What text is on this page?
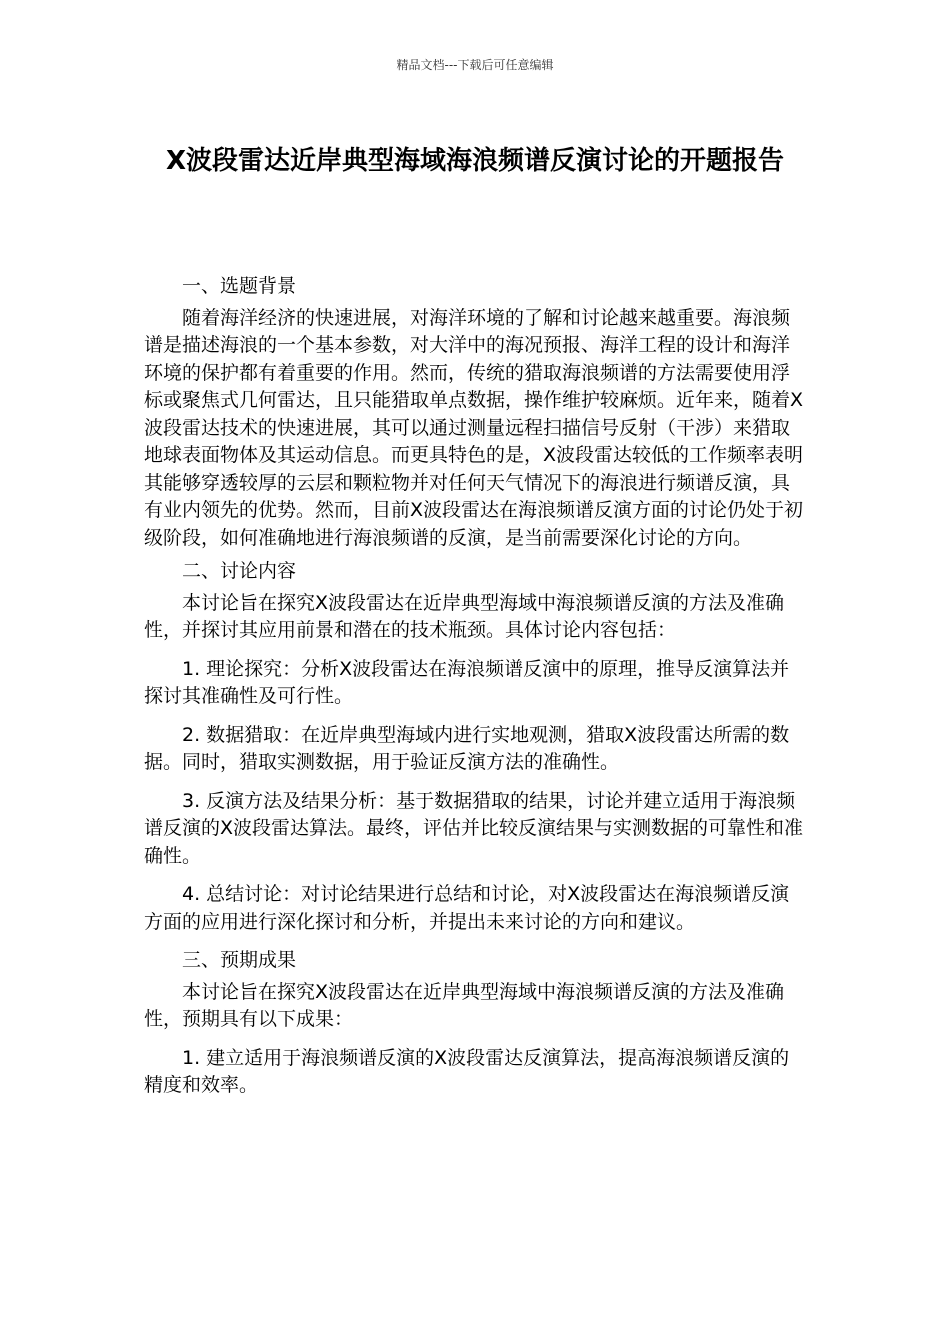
精品文档---下载后可任意编辑
X波段雷达近岸典型海域海浪频谱反演讨论的开题报告

一、选题背景

随着海洋经济的快速进展，对海洋环境的了解和讨论越来越重要。海浪频谱是描述海浪的一个基本参数，对大洋中的海况预报、海洋工程的设计和海洋环境的保护都有着重要的作用。然而，传统的猎取海浪频谱的方法需要使用浮标或聚焦式几何雷达，且只能猎取单点数据，操作维护较麻烦。近年来，随着X波段雷达技术的快速进展，其可以通过测量远程扫描信号反射（干涉）来猎取地球表面物体及其运动信息。而更具特色的是，X波段雷达较低的工作频率表明其能够穿透较厚的云层和颗粒物并对任何天气情况下的海浪进行频谱反演，具有业内领先的优势。然而，目前X波段雷达在海浪频谱反演方面的讨论仍处于初级阶段，如何准确地进行海浪频谱的反演，是当前需要深化讨论的方向。

二、讨论内容

本讨论旨在探究X波段雷达在近岸典型海域中海浪频谱反演的方法及准确性，并探讨其应用前景和潜在的技术瓶颈。具体讨论内容包括：

1. 理论探究：分析X波段雷达在海浪频谱反演中的原理，推导反演算法并探讨其准确性及可行性。

2. 数据猎取：在近岸典型海域内进行实地观测，猎取X波段雷达所需的数据。同时，猎取实测数据，用于验证反演方法的准确性。

3. 反演方法及结果分析：基于数据猎取的结果，讨论并建立适用于海浪频谱反演的X波段雷达算法。最终，评估并比较反演结果与实测数据的可靠性和准确性。

4. 总结讨论：对讨论结果进行总结和讨论，对X波段雷达在海浪频谱反演方面的应用进行深化探讨和分析，并提出未来讨论的方向和建议。

三、预期成果

本讨论旨在探究X波段雷达在近岸典型海域中海浪频谱反演的方法及准确性，预期具有以下成果：

1. 建立适用于海浪频谱反演的X波段雷达反演算法，提高海浪频谱反演的精度和效率。
